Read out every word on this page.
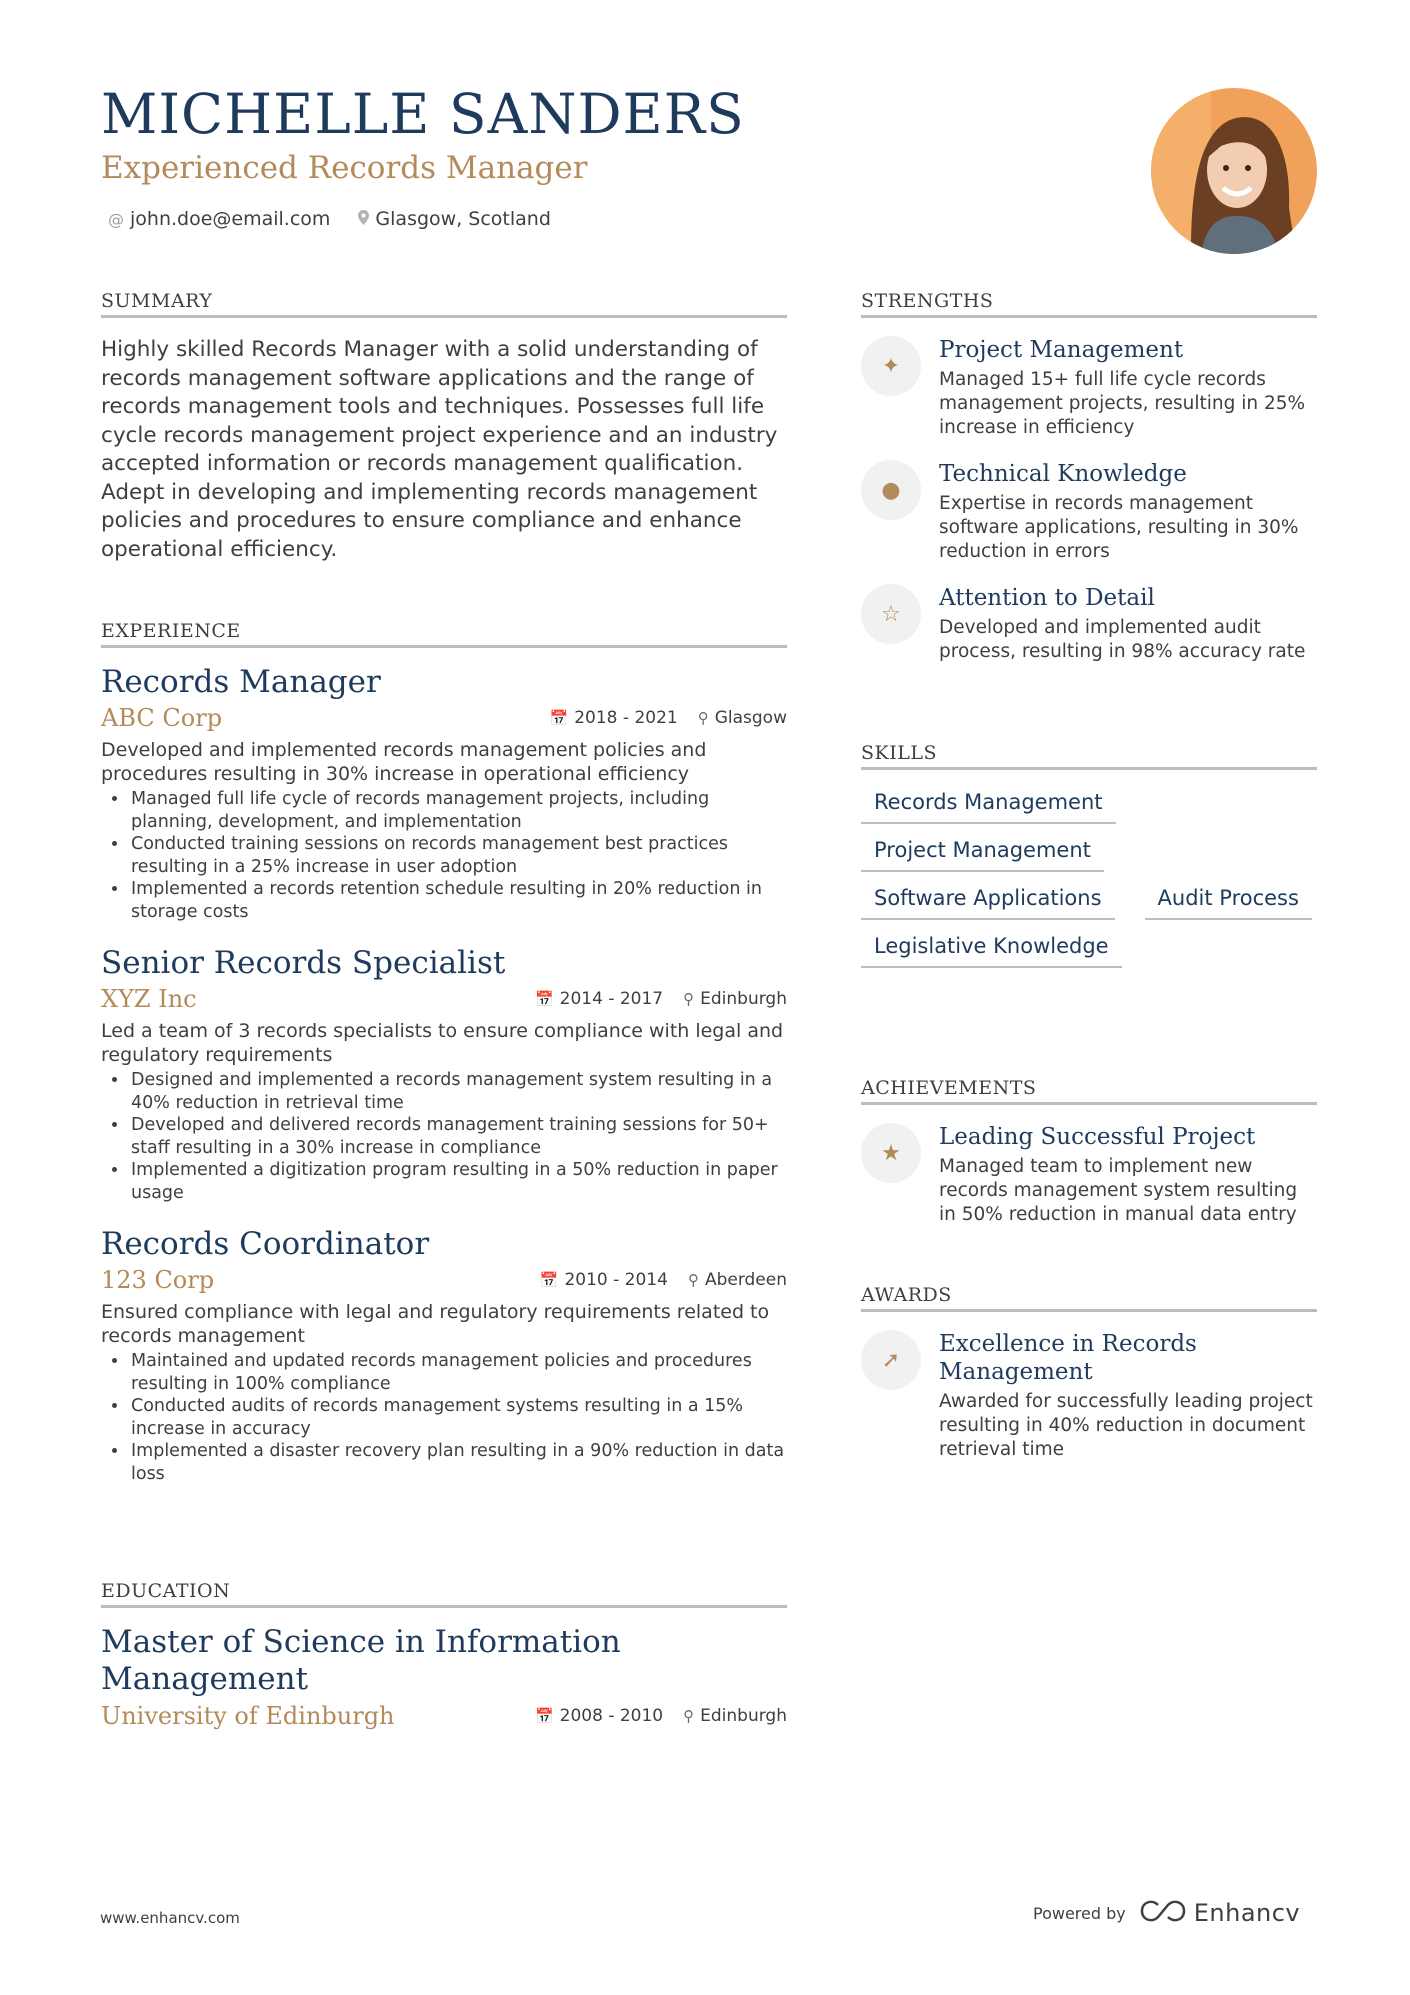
MICHELLE SANDERS
Experienced Records Manager
@ john.doe@email.com Glasgow, Scotland
SUMMARY
Highly skilled Records Manager with a solid understanding of records management software applications and the range of records management tools and techniques. Possesses full life cycle records management project experience and an industry accepted information or records management qualification. Adept in developing and implementing records management policies and procedures to ensure compliance and enhance operational efficiency.
EXPERIENCE
Records Manager
ABC Corp	📅 2018 - 2021 ⚲ Glasgow
Developed and implemented records management policies and procedures resulting in 30% increase in operational efficiency
• Managed full life cycle of records management projects, including planning, development, and implementation
• Conducted training sessions on records management best practices resulting in a 25% increase in user adoption
• Implemented a records retention schedule resulting in 20% reduction in storage costs
Senior Records Specialist
XYZ Inc	📅 2014 - 2017 ⚲ Edinburgh
Led a team of 3 records specialists to ensure compliance with legal and regulatory requirements
• Designed and implemented a records management system resulting in a 40% reduction in retrieval time
• Developed and delivered records management training sessions for 50+ staff resulting in a 30% increase in compliance
• Implemented a digitization program resulting in a 50% reduction in paper usage
Records Coordinator
123 Corp	📅 2010 - 2014 ⚲ Aberdeen
Ensured compliance with legal and regulatory requirements related to records management
• Maintained and updated records management policies and procedures resulting in 100% compliance
• Conducted audits of records management systems resulting in a 15% increase in accuracy
• Implemented a disaster recovery plan resulting in a 90% reduction in data loss
EDUCATION
Master of Science in Information Management
University of Edinburgh	📅 2008 - 2010 ⚲ Edinburgh
STRENGTHS
✦
Project Management
Managed 15+ full life cycle records management projects, resulting in 25% increase in efficiency
●
Technical Knowledge
Expertise in records management software applications, resulting in 30% reduction in errors
☆
Attention to Detail
Developed and implemented audit process, resulting in 98% accuracy rate
SKILLS
Records Management
Project Management
Software Applications	Audit Process
Legislative Knowledge
ACHIEVEMENTS
★
Leading Successful Project
Managed team to implement new records management system resulting in 50% reduction in manual data entry
AWARDS
➚
Excellence in Records Management
Awarded for successfully leading project resulting in 40% reduction in document retrieval time
www.enhancv.com	Powered by	Enhancv
